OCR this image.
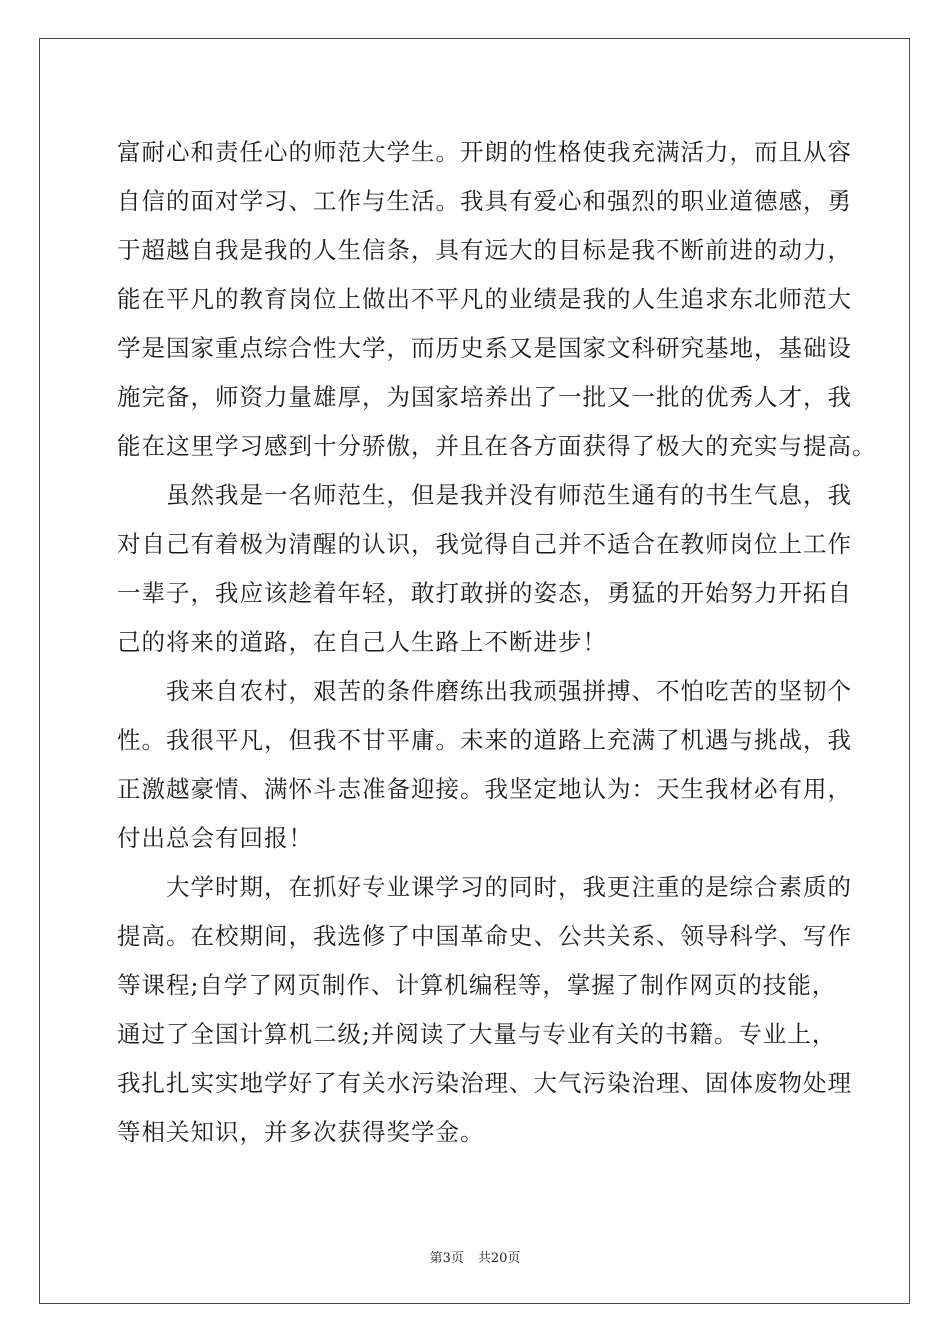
富耐心和责任心的师范大学生。开朗的性格使我充满活力，而且从容
自信的面对学习、工作与生活。我具有爱心和强烈的职业道德感，勇
于超越自我是我的人生信条，具有远大的目标是我不断前进的动力，
能在平凡的教育岗位上做出不平凡的业绩是我的人生追求东北师范大
学是国家重点综合性大学，而历史系又是国家文科研究基地，基础设
施完备，师资力量雄厚，为国家培养出了一批又一批的优秀人才，我
能在这里学习感到十分骄傲，并且在各方面获得了极大的充实与提高。
　　虽然我是一名师范生，但是我并没有师范生通有的书生气息，我
对自己有着极为清醒的认识，我觉得自己并不适合在教师岗位上工作
一辈子，我应该趁着年轻，敢打敢拼的姿态，勇猛的开始努力开拓自
己的将来的道路，在自己人生路上不断进步！
　　我来自农村，艰苦的条件磨练出我顽强拼搏、不怕吃苦的坚韧个
性。我很平凡，但我不甘平庸。未来的道路上充满了机遇与挑战，我
正激越豪情、满怀斗志准备迎接。我坚定地认为：天生我材必有用，
付出总会有回报！
　　大学时期，在抓好专业课学习的同时，我更注重的是综合素质的
提高。在校期间，我选修了中国革命史、公共关系、领导科学、写作
等课程;自学了网页制作、计算机编程等，掌握了制作网页的技能，
通过了全国计算机二级;并阅读了大量与专业有关的书籍。专业上，
我扎扎实实地学好了有关水污染治理、大气污染治理、固体废物处理
等相关知识，并多次获得奖学金。
第3页 共20页
